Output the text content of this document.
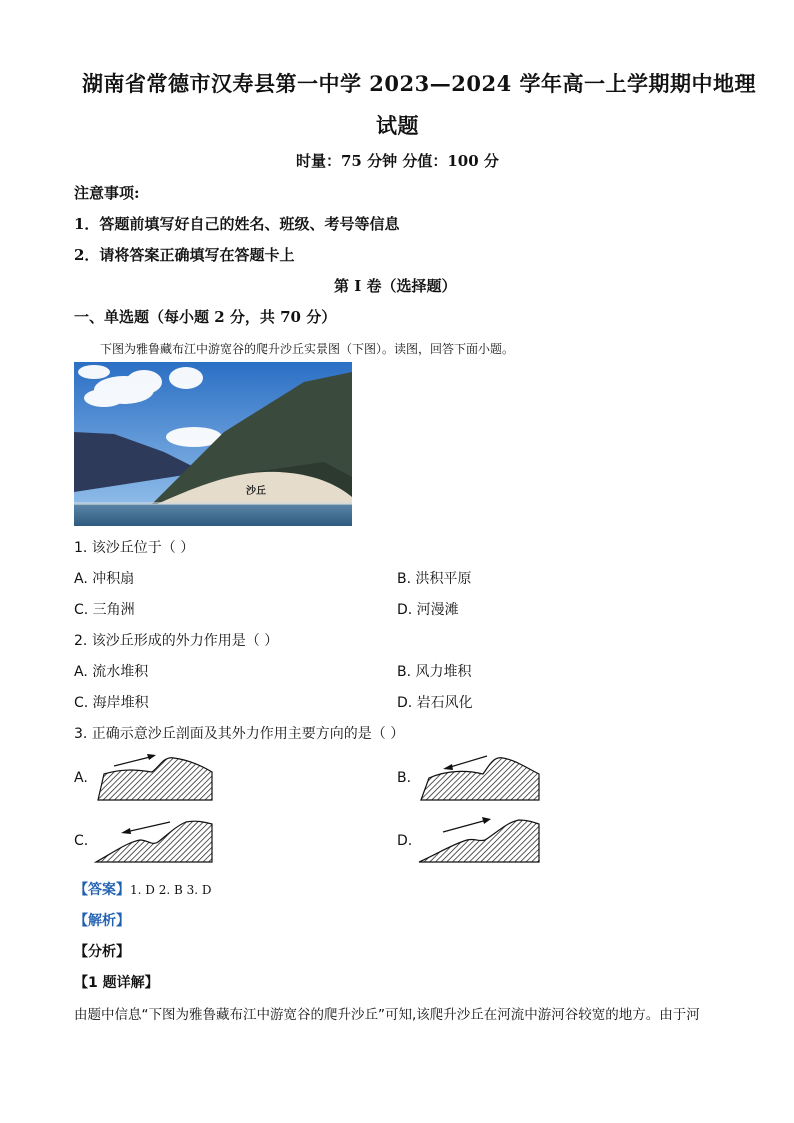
湖南省常德市汉寿县第一中学 2023—2024 学年高一上学期期中地理
试题
时量：75 分钟 分值：100 分
注意事项:
1．答题前填写好自己的姓名、班级、考号等信息
2．请将答案正确填写在答题卡上
第 I 卷（选择题）
一、单选题（每小题 2 分，共 70 分）
下图为雅鲁藏布江中游宽谷的爬升沙丘实景图（下图）。读图，回答下面小题。
沙丘
1. 该沙丘位于（ ）
A. 冲积扇	B. 洪积平原
C. 三角洲	D. 河漫滩
2. 该沙丘形成的外力作用是（ ）
A. 流水堆积	B. 风力堆积
C. 海岸堆积	D. 岩石风化
3. 正确示意沙丘剖面及其外力作用主要方向的是（ ）
A.	B.
C.	D.
【答案】1. D 2. B 3. D
【解析】
【分析】
【1 题详解】
由题中信息“下图为雅鲁藏布江中游宽谷的爬升沙丘”可知,该爬升沙丘在河流中游河谷较宽的地方。由于河
